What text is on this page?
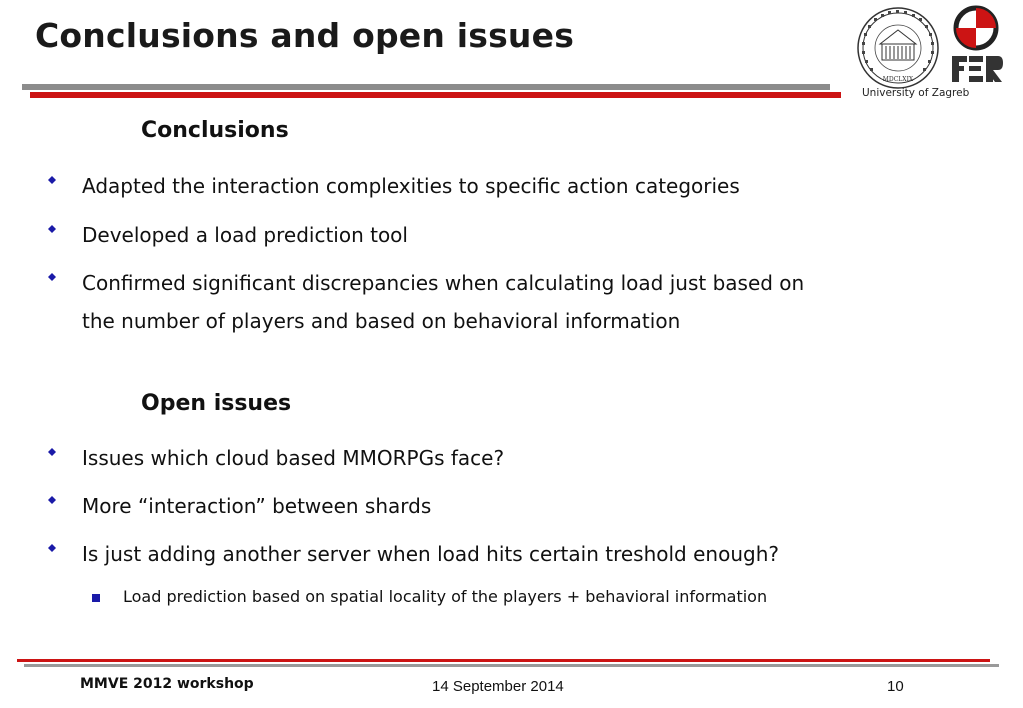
Conclusions and open issues
MDCLXIX
University of Zagreb
Conclusions
Adapted the interaction complexities to specific action categories
Developed a load prediction tool
Confirmed significant discrepancies when calculating load just based on
the number of players and based on behavioral information
Open issues
Issues which cloud based MMORPGs face?
More “interaction” between shards
Is just adding another server when load hits certain treshold enough?
Load prediction based on spatial locality of the players + behavioral information
MMVE 2012 workshop	14 September 2014	10
